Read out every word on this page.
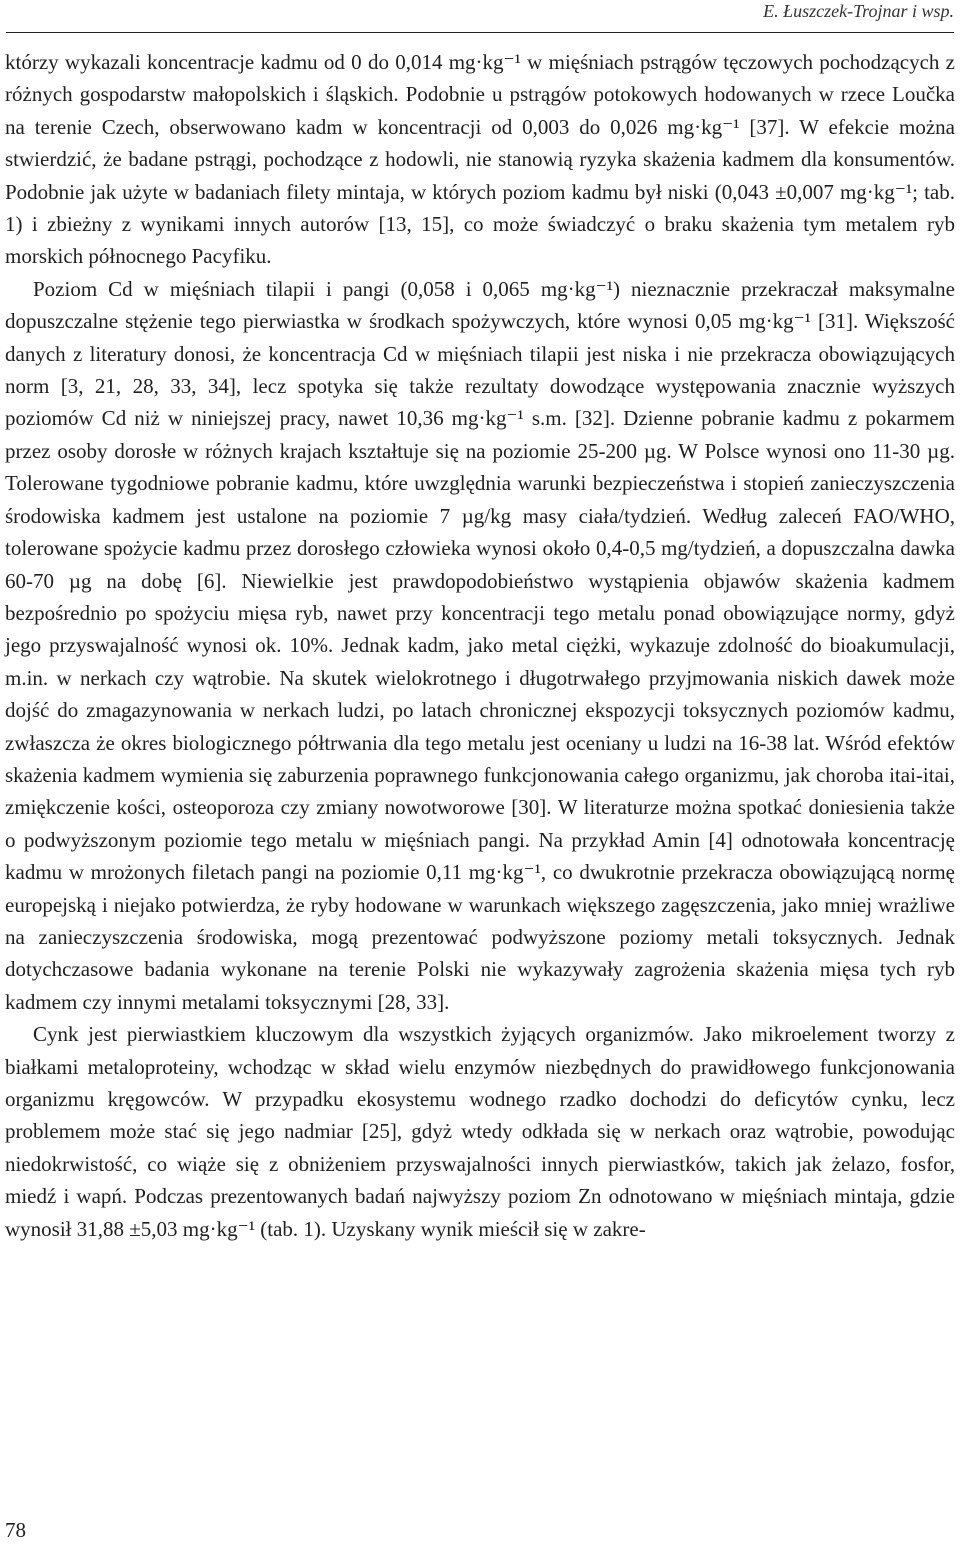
E. Łuszczek-Trojnar i wsp.

którzy wykazali koncentracje kadmu od 0 do 0,014 mg·kg⁻¹ w mięśniach pstrągów tęczowych pochodzących z różnych gospodarstw małopolskich i śląskich. Podobnie u pstrągów potokowych hodowanych w rzece Loučka na terenie Czech, obserwowano kadm w koncentracji od 0,003 do 0,026 mg·kg⁻¹ [37]. W efekcie można stwierdzić, że badane pstrągi, pochodzące z hodowli, nie stanowią ryzyka skażenia kadmem dla konsumentów. Podobnie jak użyte w badaniach filety mintaja, w których poziom kadmu był niski (0,043 ±0,007 mg·kg⁻¹; tab. 1) i zbieżny z wynikami innych autorów [13, 15], co może świadczyć o braku skażenia tym metalem ryb morskich północnego Pacyfiku.

Poziom Cd w mięśniach tilapii i pangi (0,058 i 0,065 mg·kg⁻¹) nieznacznie przekraczał maksymalne dopuszczalne stężenie tego pierwiastka w środkach spożywczych, które wynosi 0,05 mg·kg⁻¹ [31]. Większość danych z literatury donosi, że koncentracja Cd w mięśniach tilapii jest niska i nie przekracza obowiązujących norm [3, 21, 28, 33, 34], lecz spotyka się także rezultaty dowodzące występowania znacznie wyższych poziomów Cd niż w niniejszej pracy, nawet 10,36 mg·kg⁻¹ s.m. [32]. Dzienne pobranie kadmu z pokarmem przez osoby dorosłe w różnych krajach kształtuje się na poziomie 25-200 µg. W Polsce wynosi ono 11-30 µg. Tolerowane tygodniowe pobranie kadmu, które uwzględnia warunki bezpieczeństwa i stopień zanieczyszczenia środowiska kadmem jest ustalone na poziomie 7 µg/kg masy ciała/tydzień. Według zaleceń FAO/WHO, tolerowane spożycie kadmu przez dorosłego człowieka wynosi około 0,4-0,5 mg/tydzień, a dopuszczalna dawka 60-70 µg na dobę [6]. Niewielkie jest prawdopodobieństwo wystąpienia objawów skażenia kadmem bezpośrednio po spożyciu mięsa ryb, nawet przy koncentracji tego metalu ponad obowiązujące normy, gdyż jego przyswajalność wynosi ok. 10%. Jednak kadm, jako metal ciężki, wykazuje zdolność do bioakumulacji, m.in. w nerkach czy wątrobie. Na skutek wielokrotnego i długotrwałego przyjmowania niskich dawek może dojść do zmagazynowania w nerkach ludzi, po latach chronicznej ekspozycji toksycznych poziomów kadmu, zwłaszcza że okres biologicznego półtrwania dla tego metalu jest oceniany u ludzi na 16-38 lat. Wśród efektów skażenia kadmem wymienia się zaburzenia poprawnego funkcjonowania całego organizmu, jak choroba itai-itai, zmiękczenie kości, osteoporoza czy zmiany nowotworowe [30]. W literaturze można spotkać doniesienia także o podwyższonym poziomie tego metalu w mięśniach pangi. Na przykład Amin [4] odnotowała koncentrację kadmu w mrożonych filetach pangi na poziomie 0,11 mg·kg⁻¹, co dwukrotnie przekracza obowiązującą normę europejską i niejako potwierdza, że ryby hodowane w warunkach większego zagęszczenia, jako mniej wrażliwe na zanieczyszczenia środowiska, mogą prezentować podwyższone poziomy metali toksycznych. Jednak dotychczasowe badania wykonane na terenie Polski nie wykazywały zagrożenia skażenia mięsa tych ryb kadmem czy innymi metalami toksycznymi [28, 33].

Cynk jest pierwiastkiem kluczowym dla wszystkich żyjących organizmów. Jako mikroelement tworzy z białkami metaloproteiny, wchodząc w skład wielu enzymów niezbędnych do prawidłowego funkcjonowania organizmu kręgowców. W przypadku ekosystemu wodnego rzadko dochodzi do deficytów cynku, lecz problemem może stać się jego nadmiar [25], gdyż wtedy odkłada się w nerkach oraz wątrobie, powodując niedokrwistość, co wiąże się z obniżeniem przyswajalności innych pierwiastków, takich jak żelazo, fosfor, miedź i wapń. Podczas prezentowanych badań najwyższy poziom Zn odnotowano w mięśniach mintaja, gdzie wynosił 31,88 ±5,03 mg·kg⁻¹ (tab. 1). Uzyskany wynik mieścił się w zakre-

78
